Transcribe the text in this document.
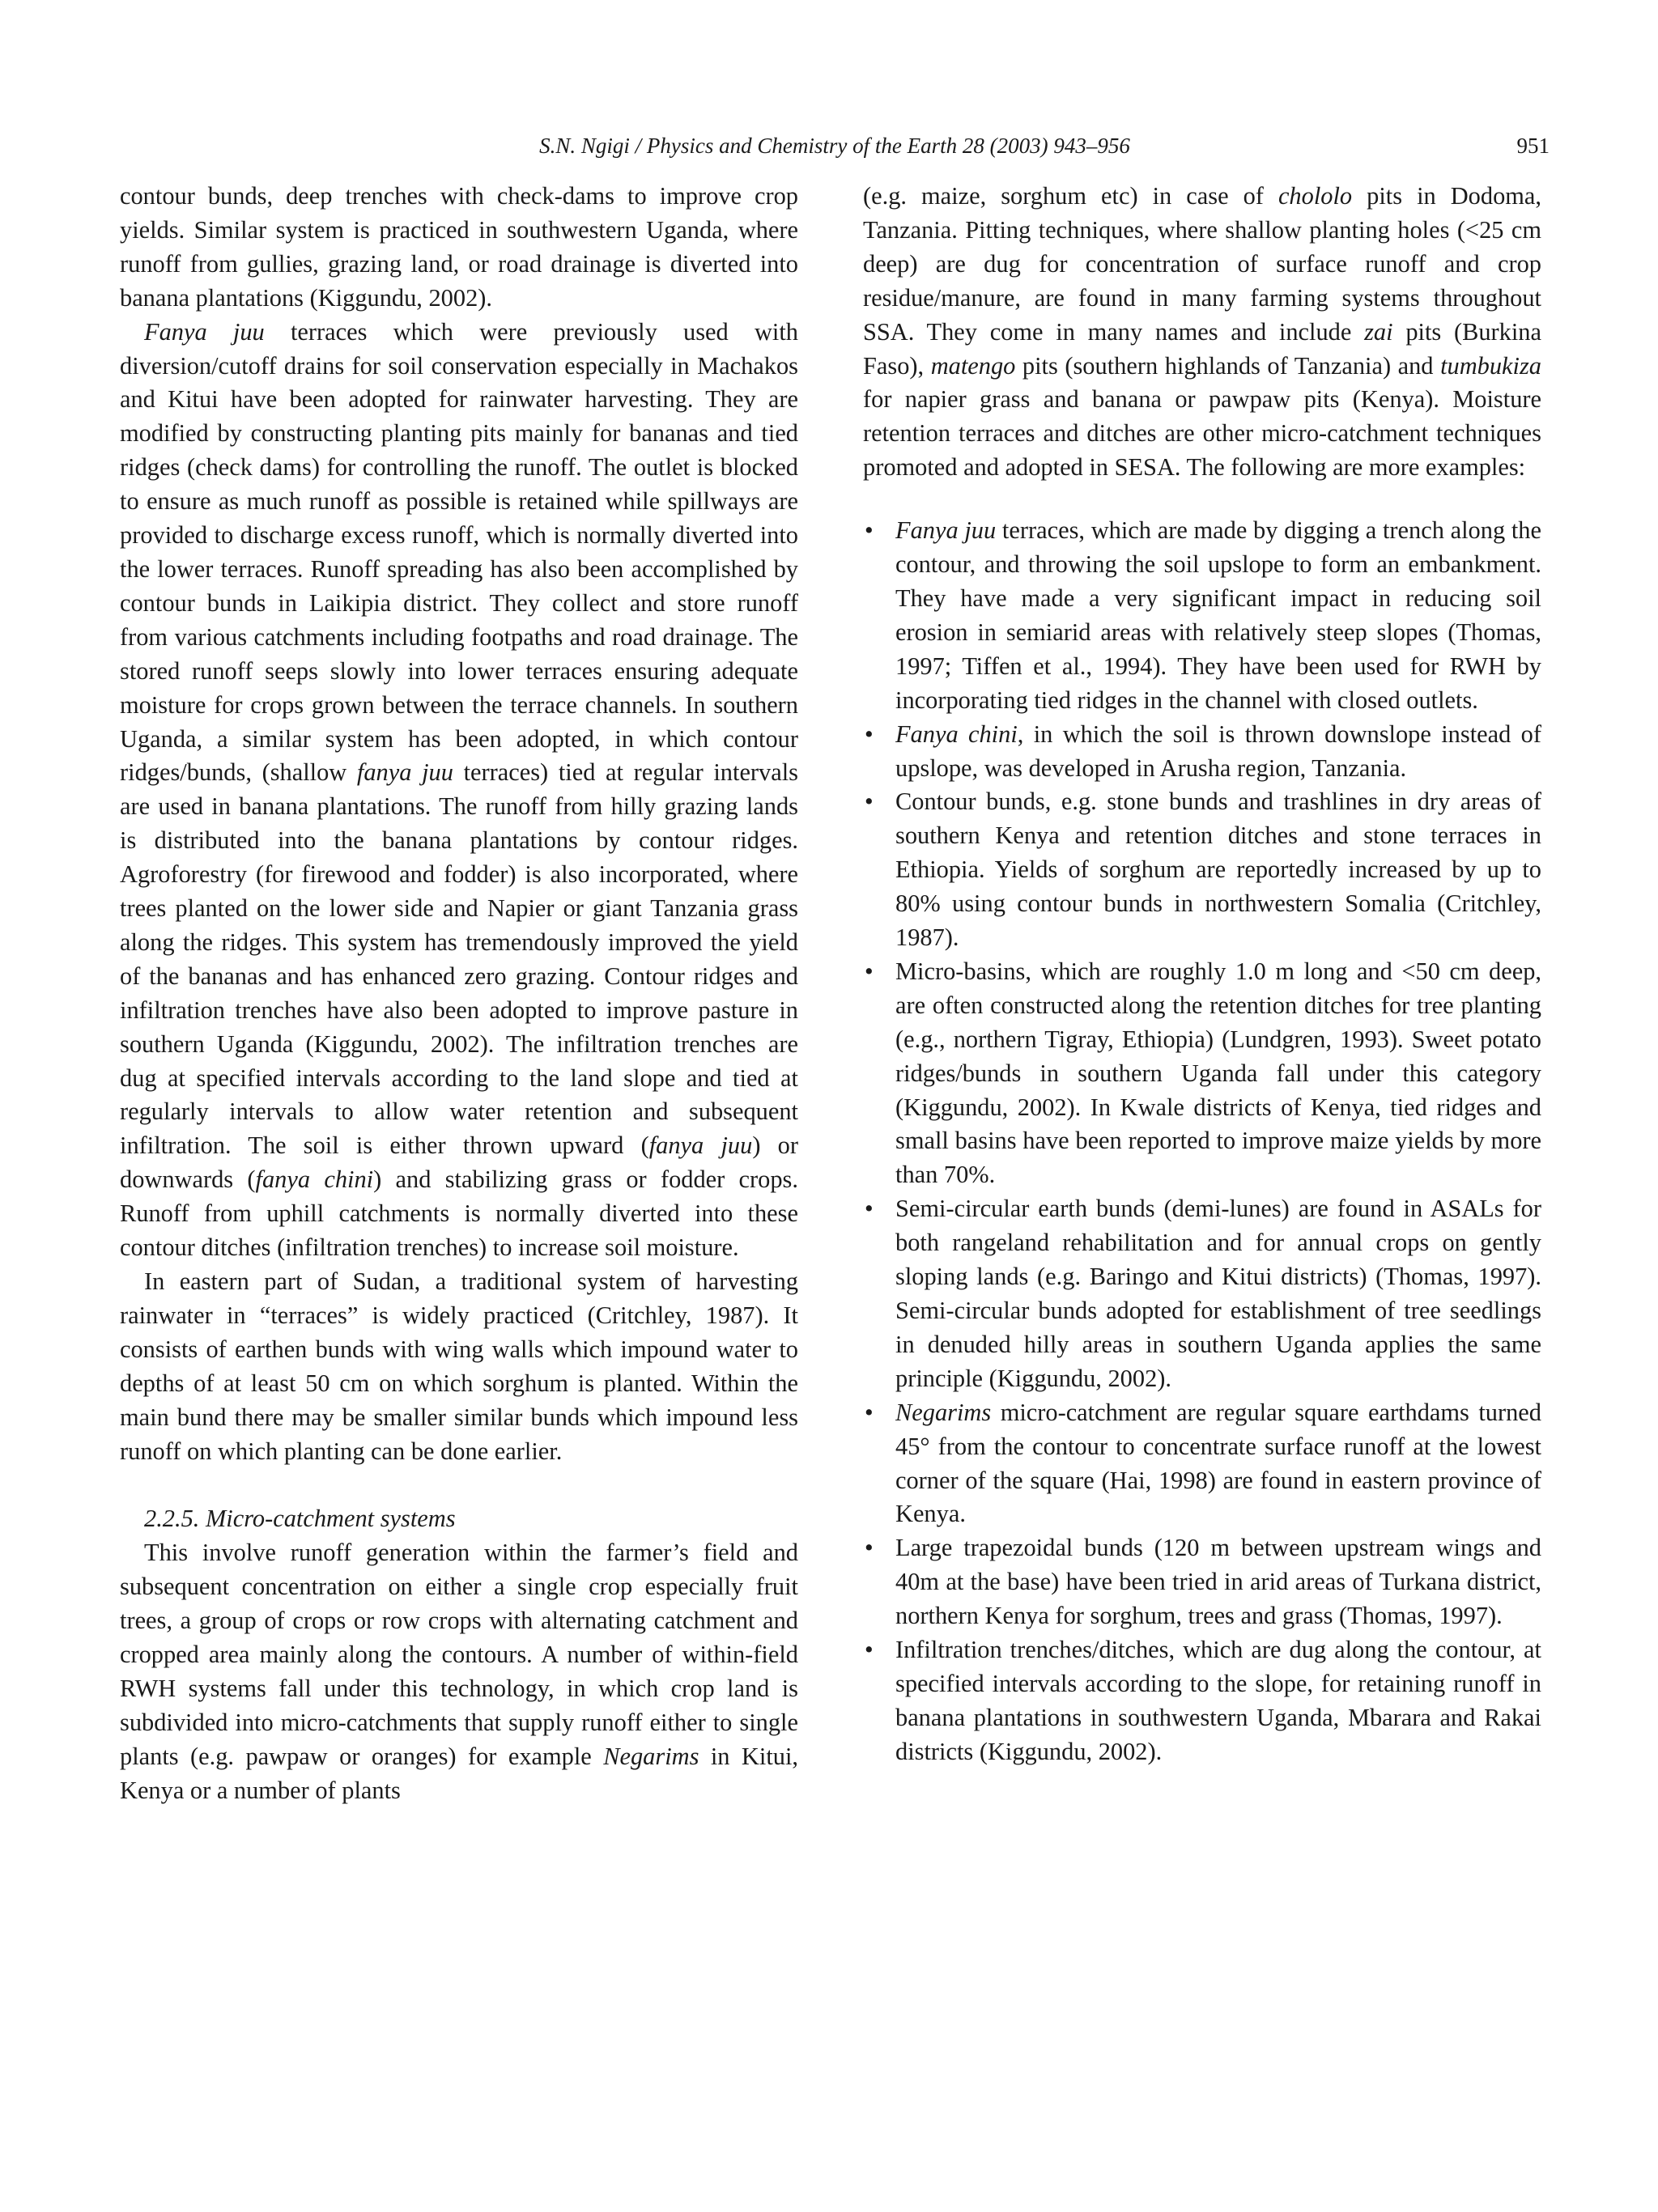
S.N. Ngigi / Physics and Chemistry of the Earth 28 (2003) 943–956	951

contour bunds, deep trenches with check-dams to improve crop yields. Similar system is practiced in southwestern Uganda, where runoff from gullies, grazing land, or road drainage is diverted into banana plantations (Kiggundu, 2002).

Fanya juu terraces which were previously used with diversion/cutoff drains for soil conservation especially in Machakos and Kitui have been adopted for rainwater harvesting. They are modified by constructing planting pits mainly for bananas and tied ridges (check dams) for controlling the runoff. The outlet is blocked to ensure as much runoff as possible is retained while spillways are provided to discharge excess runoff, which is normally diverted into the lower terraces. Runoff spreading has also been accomplished by contour bunds in Laikipia district. They collect and store runoff from various catchments including footpaths and road drainage. The stored runoff seeps slowly into lower terraces ensuring adequate moisture for crops grown between the terrace channels. In southern Uganda, a similar system has been adopted, in which contour ridges/bunds, (shallow fanya juu terraces) tied at regular intervals are used in banana plantations. The runoff from hilly grazing lands is distributed into the banana plantations by contour ridges. Agroforestry (for firewood and fodder) is also incorporated, where trees planted on the lower side and Napier or giant Tanzania grass along the ridges. This system has tremendously improved the yield of the bananas and has enhanced zero grazing. Contour ridges and infiltration trenches have also been adopted to improve pasture in southern Uganda (Kiggundu, 2002). The infiltration trenches are dug at specified intervals according to the land slope and tied at regularly intervals to allow water retention and subsequent infiltration. The soil is either thrown upward (fanya juu) or downwards (fanya chini) and stabilizing grass or fodder crops. Runoff from uphill catchments is normally diverted into these contour ditches (infiltration trenches) to increase soil moisture.

In eastern part of Sudan, a traditional system of harvesting rainwater in “terraces” is widely practiced (Critchley, 1987). It consists of earthen bunds with wing walls which impound water to depths of at least 50 cm on which sorghum is planted. Within the main bund there may be smaller similar bunds which impound less runoff on which planting can be done earlier.

2.2.5. Micro-catchment systems

This involve runoff generation within the farmer’s field and subsequent concentration on either a single crop especially fruit trees, a group of crops or row crops with alternating catchment and cropped area mainly along the contours. A number of within-field RWH systems fall under this technology, in which crop land is subdivided into micro-catchments that supply runoff either to single plants (e.g. pawpaw or oranges) for example Negarims in Kitui, Kenya or a number of plants

(e.g. maize, sorghum etc) in case of chololo pits in Dodoma, Tanzania. Pitting techniques, where shallow planting holes (<25 cm deep) are dug for concentration of surface runoff and crop residue/manure, are found in many farming systems throughout SSA. They come in many names and include zai pits (Burkina Faso), matengo pits (southern highlands of Tanzania) and tumbukiza for napier grass and banana or pawpaw pits (Kenya). Moisture retention terraces and ditches are other micro-catchment techniques promoted and adopted in SESA. The following are more examples:

• Fanya juu terraces, which are made by digging a trench along the contour, and throwing the soil upslope to form an embankment. They have made a very significant impact in reducing soil erosion in semiarid areas with relatively steep slopes (Thomas, 1997; Tiffen et al., 1994). They have been used for RWH by incorporating tied ridges in the channel with closed outlets.
• Fanya chini, in which the soil is thrown downslope instead of upslope, was developed in Arusha region, Tanzania.
• Contour bunds, e.g. stone bunds and trashlines in dry areas of southern Kenya and retention ditches and stone terraces in Ethiopia. Yields of sorghum are reportedly increased by up to 80% using contour bunds in northwestern Somalia (Critchley, 1987).
• Micro-basins, which are roughly 1.0 m long and <50 cm deep, are often constructed along the retention ditches for tree planting (e.g., northern Tigray, Ethiopia) (Lundgren, 1993). Sweet potato ridges/bunds in southern Uganda fall under this category (Kiggundu, 2002). In Kwale districts of Kenya, tied ridges and small basins have been reported to improve maize yields by more than 70%.
• Semi-circular earth bunds (demi-lunes) are found in ASALs for both rangeland rehabilitation and for annual crops on gently sloping lands (e.g. Baringo and Kitui districts) (Thomas, 1997). Semi-circular bunds adopted for establishment of tree seedlings in denuded hilly areas in southern Uganda applies the same principle (Kiggundu, 2002).
• Negarims micro-catchment are regular square earthdams turned 45° from the contour to concentrate surface runoff at the lowest corner of the square (Hai, 1998) are found in eastern province of Kenya.
• Large trapezoidal bunds (120 m between upstream wings and 40m at the base) have been tried in arid areas of Turkana district, northern Kenya for sorghum, trees and grass (Thomas, 1997).
• Infiltration trenches/ditches, which are dug along the contour, at specified intervals according to the slope, for retaining runoff in banana plantations in southwestern Uganda, Mbarara and Rakai districts (Kiggundu, 2002).
